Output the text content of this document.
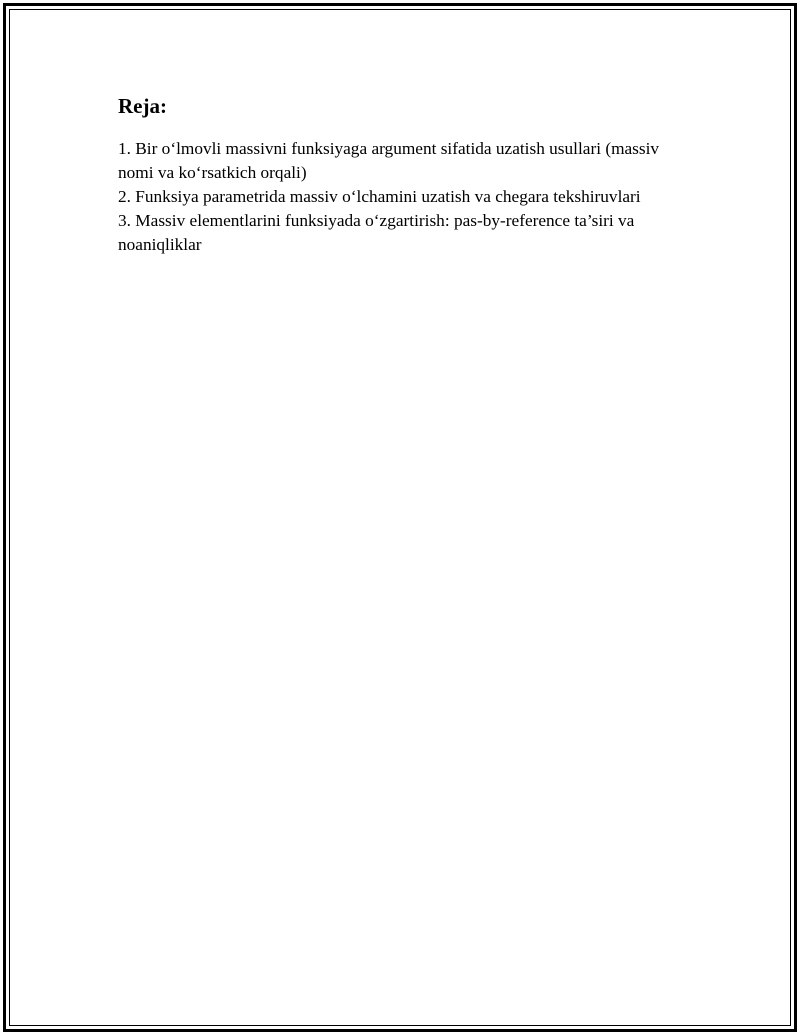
Reja:
1. Bir o‘lmovli massivni funksiyaga argument sifatida uzatish usullari (massiv nomi va ko‘rsatkich orqali)
2. Funksiya parametrida massiv o‘lchamini uzatish va chegara tekshiruvlari
3. Massiv elementlarini funksiyada o‘zgartirish: pas-by-reference ta’siri va noaniqliklar
